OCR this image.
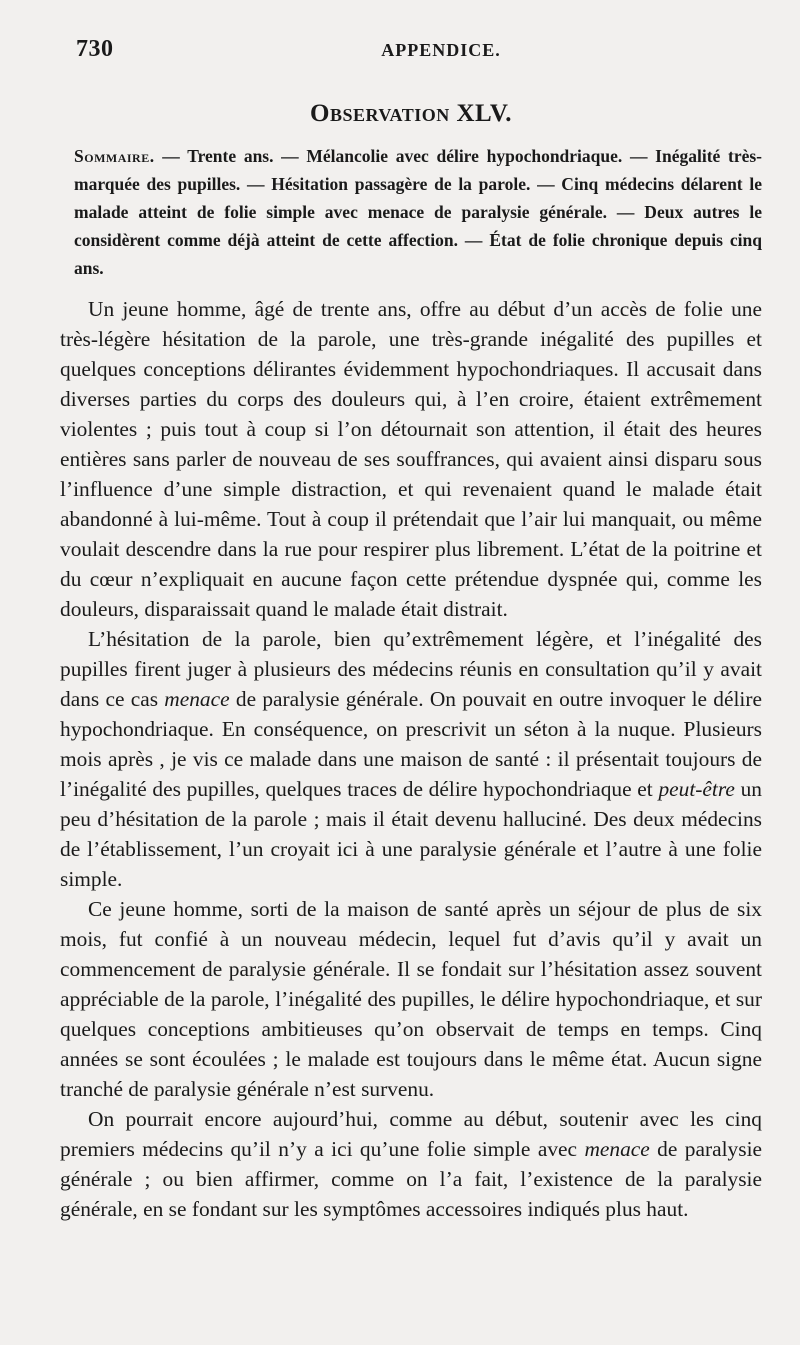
730	APPENDICE.
Observation XLV.

Sommaire. — Trente ans. — Mélancolie avec délire hypochondriaque. — Inégalité très-marquée des pupilles. — Hésitation passagère de la parole. — Cinq médecins délarent le malade atteint de folie simple avec menace de paralysie générale. — Deux autres le considèrent comme déjà atteint de cette affection. — État de folie chronique depuis cinq ans.

Un jeune homme, âgé de trente ans, offre au début d’un accès de folie une très-légère hésitation de la parole, une très-grande inégalité des pupilles et quelques conceptions délirantes évidemment hypochondriaques. Il accusait dans diverses parties du corps des douleurs qui, à l’en croire, étaient extrêmement violentes ; puis tout à coup si l’on détournait son attention, il était des heures entières sans parler de nouveau de ses souffrances, qui avaient ainsi disparu sous l’influence d’une simple distraction, et qui revenaient quand le malade était abandonné à lui-même. Tout à coup il prétendait que l’air lui manquait, ou même voulait descendre dans la rue pour respirer plus librement. L’état de la poitrine et du cœur n’expliquait en aucune façon cette prétendue dyspnée qui, comme les douleurs, disparaissait quand le malade était distrait.

L’hésitation de la parole, bien qu’extrêmement légère, et l’inégalité des pupilles firent juger à plusieurs des médecins réunis en consultation qu’il y avait dans ce cas menace de paralysie générale. On pouvait en outre invoquer le délire hypochondriaque. En conséquence, on prescrivit un séton à la nuque. Plusieurs mois après , je vis ce malade dans une maison de santé : il présentait toujours de l’inégalité des pupilles, quelques traces de délire hypochondriaque et peut-être un peu d’hésitation de la parole ; mais il était devenu halluciné. Des deux médecins de l’établissement, l’un croyait ici à une paralysie générale et l’autre à une folie simple.

Ce jeune homme, sorti de la maison de santé après un séjour de plus de six mois, fut confié à un nouveau médecin, lequel fut d’avis qu’il y avait un commencement de paralysie générale. Il se fondait sur l’hésitation assez souvent appréciable de la parole, l’inégalité des pupilles, le délire hypochondriaque, et sur quelques conceptions ambitieuses qu’on observait de temps en temps. Cinq années se sont écoulées ; le malade est toujours dans le même état. Aucun signe tranché de paralysie générale n’est survenu.

On pourrait encore aujourd’hui, comme au début, soutenir avec les cinq premiers médecins qu’il n’y a ici qu’une folie simple avec menace de paralysie générale ; ou bien affirmer, comme on l’a fait, l’existence de la paralysie générale, en se fondant sur les symptômes accessoires indiqués plus haut.
